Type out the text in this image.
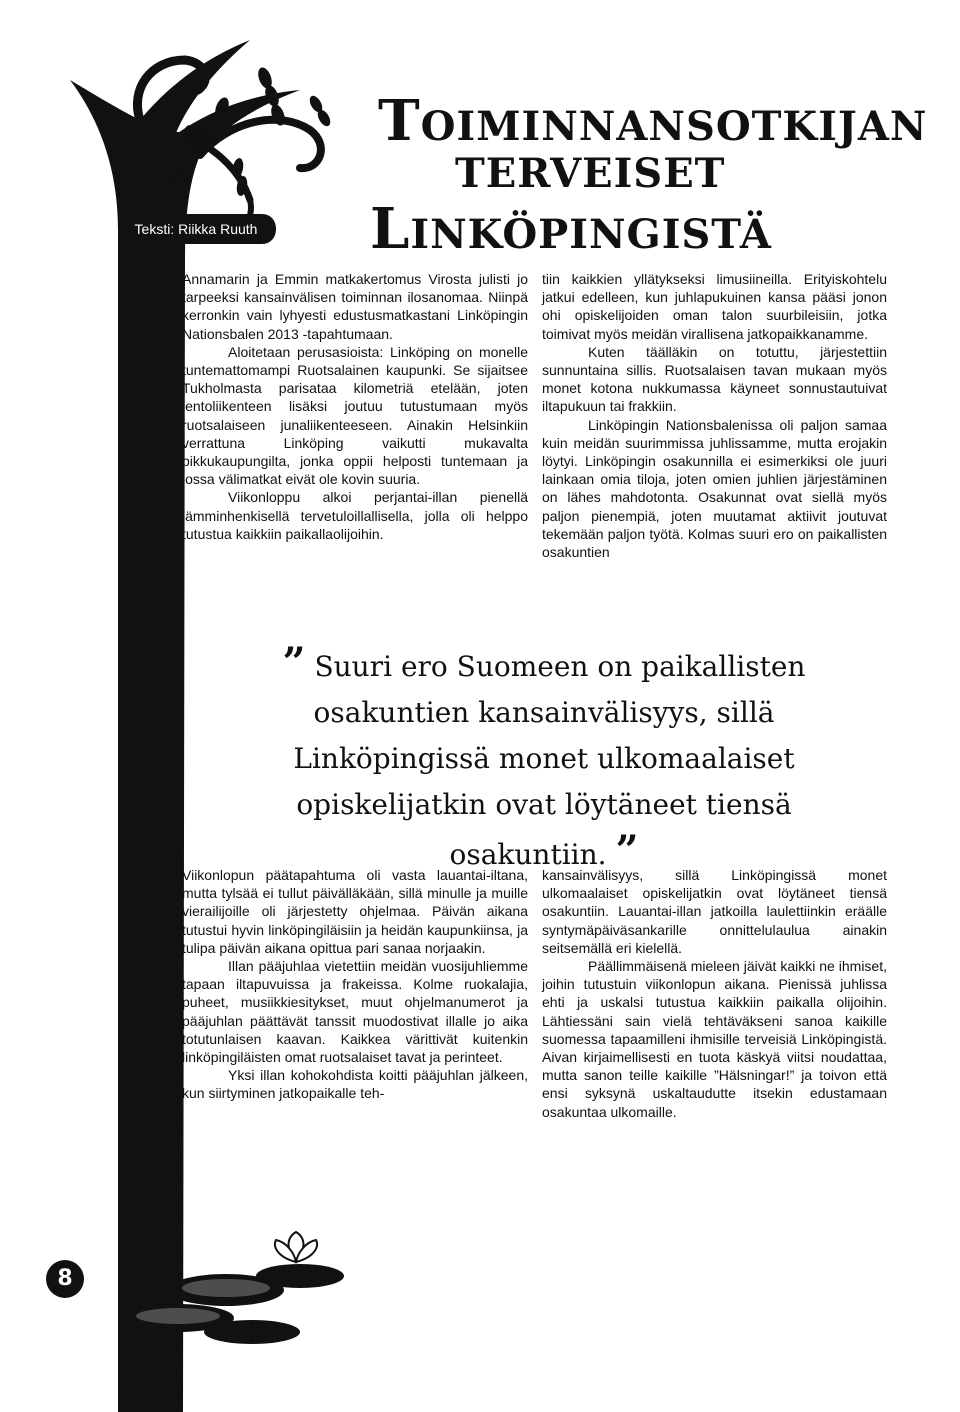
TOIMINNANSOTKIJAN
TERVEISET
LINKÖPINGISTÄ
Teksti: Riikka Ruuth

Annamarin ja Emmin matkakertomus Virosta julisti jo tarpeeksi kansainvälisen toiminnan ilosanomaa. Niinpä kerronkin vain lyhyesti edustusmatkastani Linköpingin Nationsbalen 2013 -tapahtumaan.

Aloitetaan perusasioista: Linköping on monelle tuntemattomampi Ruotsalainen kaupunki. Se sijaitsee Tukholmasta parisataa kilometriä etelään, joten lentoliikenteen lisäksi joutuu tutustumaan myös ruotsalaiseen junaliikenteeseen. Ainakin Helsinkiin verrattuna Linköping vaikutti mukavalta pikkukaupungilta, jonka oppii helposti tuntemaan ja jossa välimatkat eivät ole kovin suuria.

Viikonloppu alkoi perjantai-illan pienellä lämminhenkisellä tervetuloillallisella, jolla oli helppo tutustua kaikkiin paikallaolijoihin.

tiin kaikkien yllätykseksi limusiineilla. Erityiskohtelu jatkui edelleen, kun juhlapukuinen kansa pääsi jonon ohi opiskelijoiden oman talon suurbileisiin, jotka toimivat myös meidän virallisena jatkopaikkanamme.

Kuten täälläkin on totuttu, järjestettiin sunnuntaina sillis. Ruotsalaisen tavan mukaan myös monet kotona nukkumassa käyneet sonnustautuivat iltapukuun tai frakkiin.

Linköpingin Nationsbalenissa oli paljon samaa kuin meidän suurimmissa juhlissamme, mutta erojakin löytyi. Linköpingin osakunnilla ei esimerkiksi ole juuri lainkaan omia tiloja, joten omien juhlien järjestäminen on lähes mahdotonta. Osakunnat ovat siellä myös paljon pienempiä, joten muutamat aktiivit joutuvat tekemään paljon työtä. Kolmas suuri ero on paikallisten osakuntien

” Suuri ero Suomeen on paikallisten osakuntien kansainvälisyys, sillä Linköpingissä monet ulkomaalaiset opiskelijatkin ovat löytäneet tiensä osakuntiin. ”

Viikonlopun päätapahtuma oli vasta lauantai-iltana, mutta tylsää ei tullut päivälläkään, sillä minulle ja muille vierailijoille oli järjestetty ohjelmaa. Päivän aikana tutustui hyvin linköpingiläisiin ja heidän kaupunkiinsa, ja tulipa päivän aikana opittua pari sanaa norjaakin.

Illan pääjuhlaa vietettiin meidän vuosijuhliemme tapaan iltapuvuissa ja frakeissa. Kolme ruokalajia, puheet, musiikkiesitykset, muut ohjelmanumerot ja pääjuhlan päättävät tanssit muodostivat illalle jo aika totutunlaisen kaavan. Kaikkea värittivät kuitenkin linköpingiläisten omat ruotsalaiset tavat ja perinteet.

Yksi illan kohokohdista koitti pääjuhlan jälkeen, kun siirtyminen jatkopaikalle teh-

kansainvälisyys, sillä Linköpingissä monet ulkomaalaiset opiskelijatkin ovat löytäneet tiensä osakuntiin. Lauantai-illan jatkoilla laulettiinkin eräälle syntymäpäiväsankarille onnittelulaulua ainakin seitsemällä eri kielellä.

Päällimmäisenä mieleen jäivät kaikki ne ihmiset, joihin tutustuin viikonlopun aikana. Pienissä juhlissa ehti ja uskalsi tutustua kaikkiin paikalla olijoihin. Lähtiessäni sain vielä tehtäväkseni sanoa kaikille suomessa tapaamilleni ihmisille terveisiä Linköpingistä. Aivan kirjaimellisesti en tuota käskyä viitsi noudattaa, mutta sanon teille kaikille ”Hälsningar!” ja toivon että ensi syksynä uskaltaudutte itsekin edustamaan osakuntaa ulkomaille.

8
